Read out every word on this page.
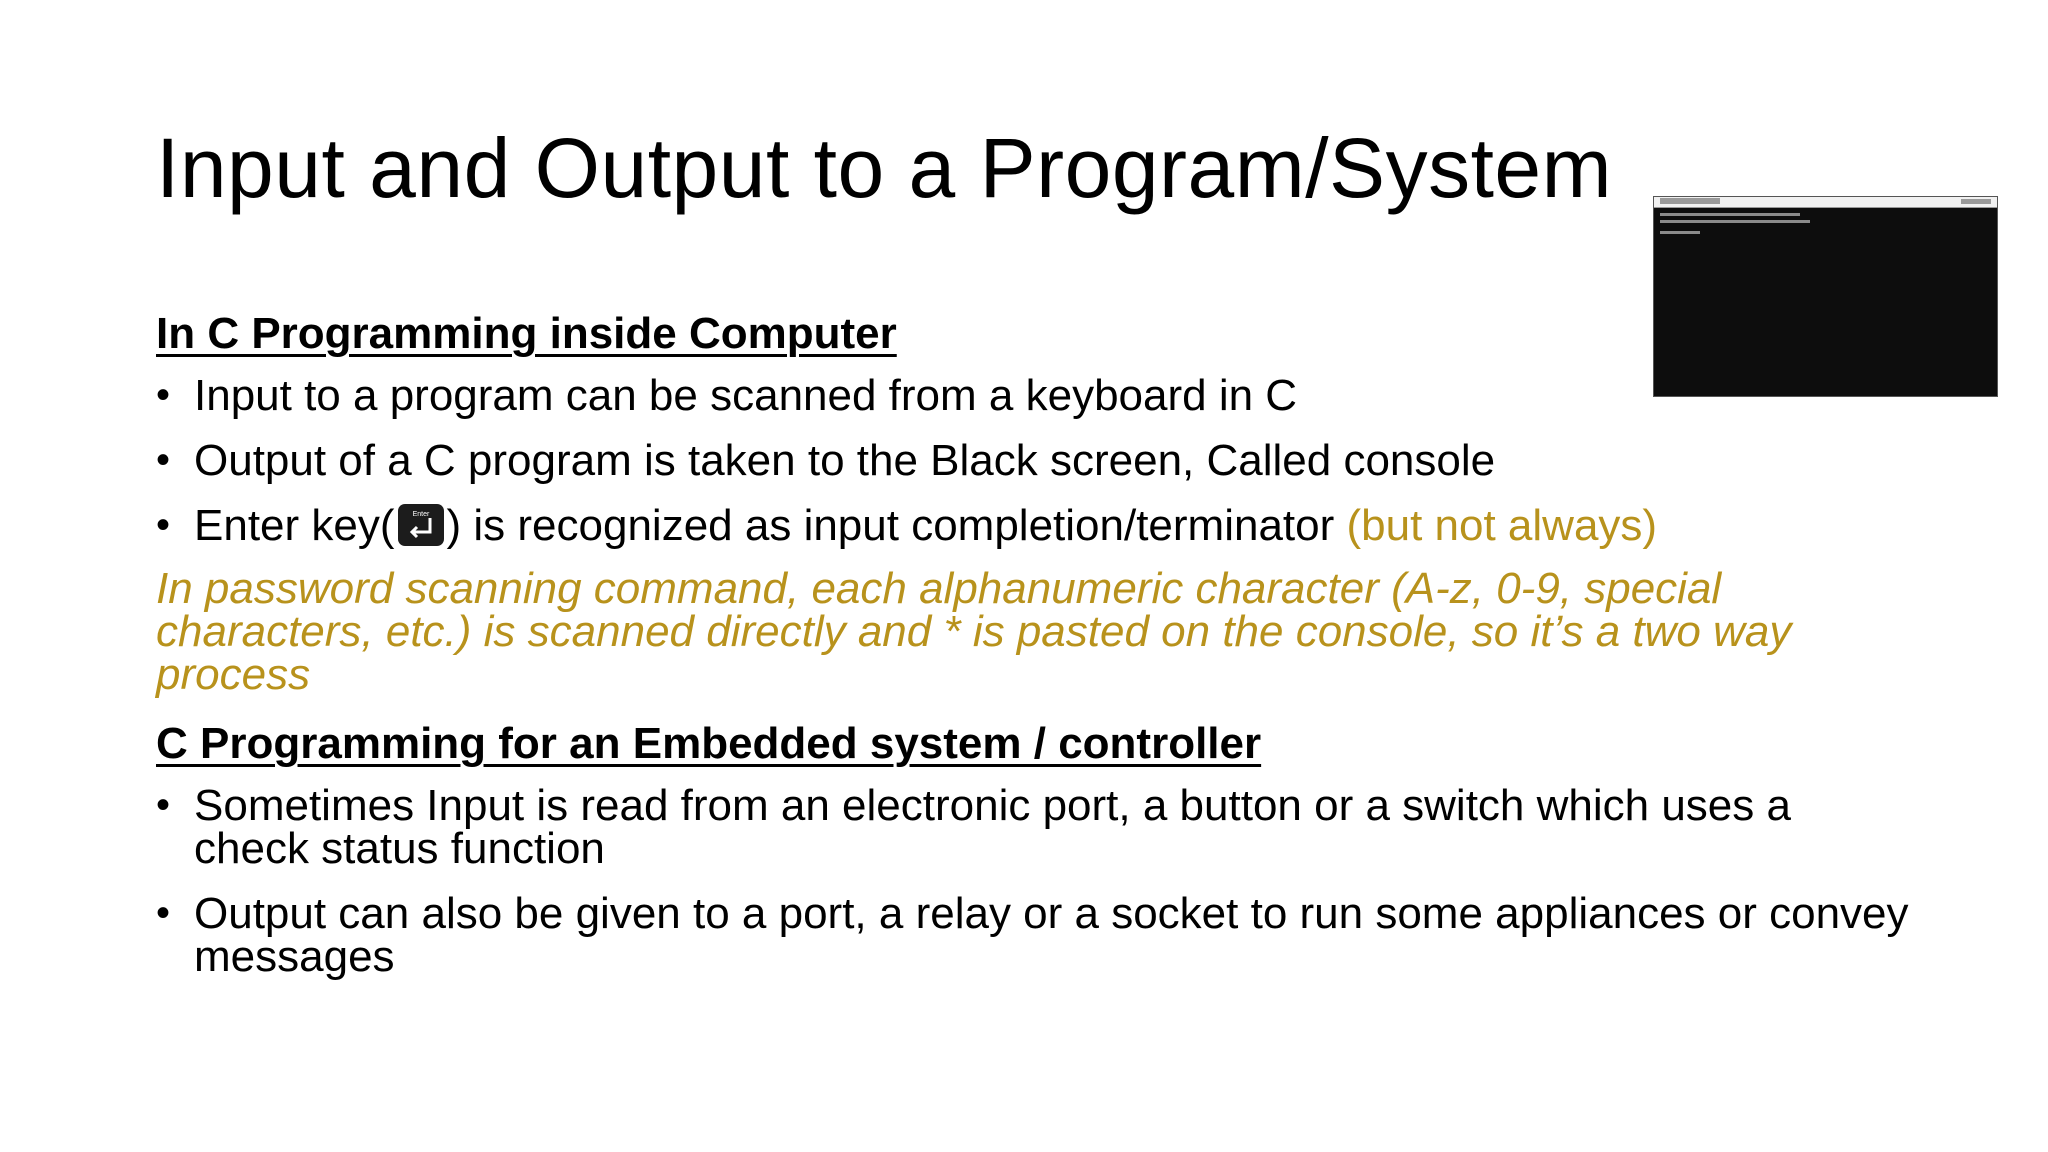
Input and Output to a Program/System
In C Programming inside Computer
• Input to a program can be scanned from a keyboard in C
• Output of a C program is taken to the Black screen, Called console
• Enter key(	Enter ) is recognized as input completion/terminator (but not always)
In password scanning command, each alphanumeric character (A-z, 0-9, special characters, etc.) is scanned directly and * is pasted on the console, so it’s a two way process
C Programming for an Embedded system / controller
• Sometimes Input is read from an electronic port, a button or a switch which uses a check status function
• Output can also be given to a port, a relay or a socket to run some appliances or convey messages
